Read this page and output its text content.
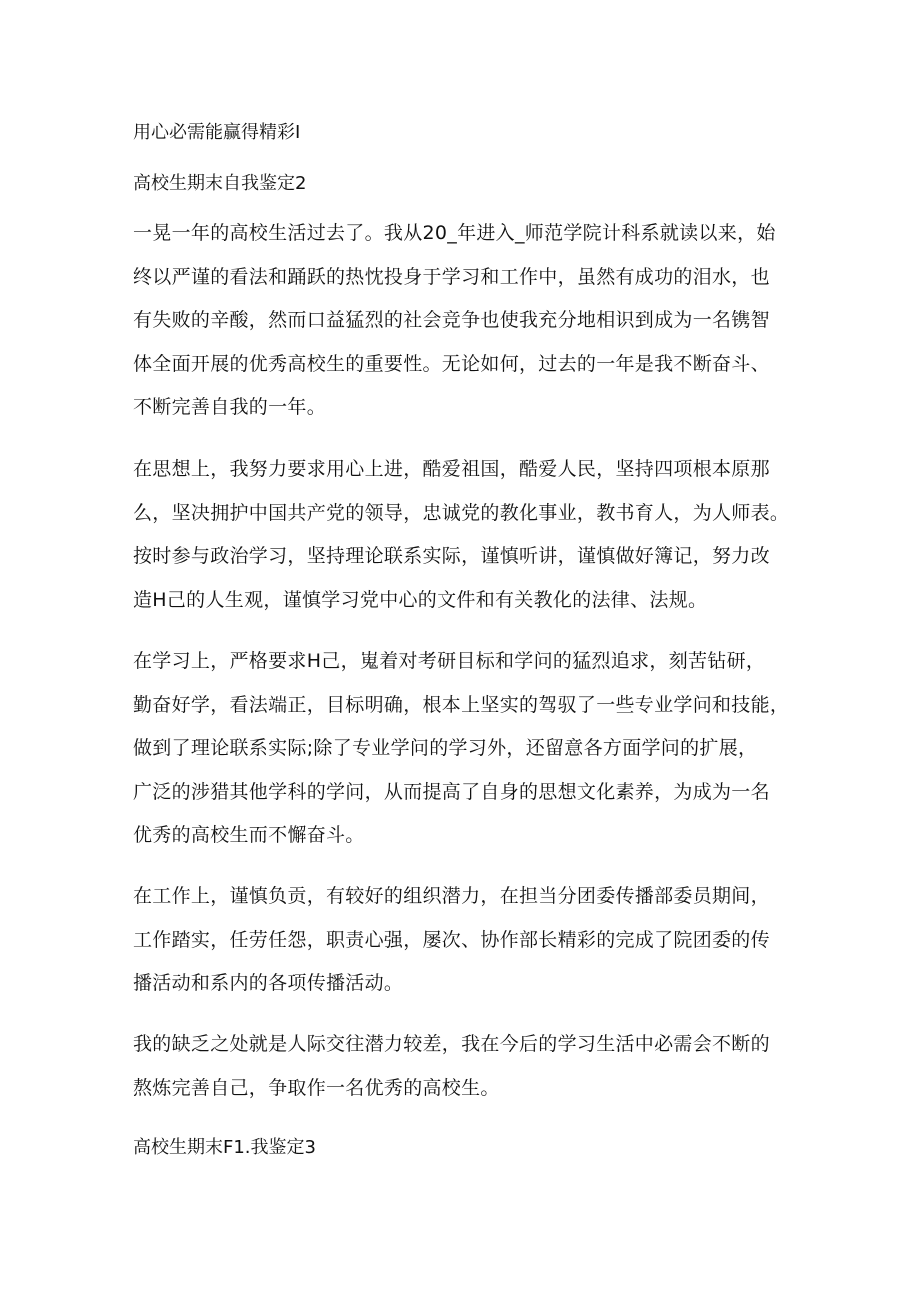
用心必需能赢得精彩I
高校生期末自我鉴定2
一晃一年的高校生活过去了。我从20_年进入_师范学院计科系就读以来，始
终以严谨的看法和踊跃的热忱投身于学习和工作中，虽然有成功的泪水，也
有失败的辛酸，然而口益猛烈的社会竞争也使我充分地相识到成为一名镌智
体全面开展的优秀高校生的重要性。无论如何，过去的一年是我不断奋斗、
不断完善自我的一年。
在思想上，我努力要求用心上进，酷爱祖国，酷爱人民，坚持四项根本原那
么，坚决拥护中国共产党的领导，忠诚党的教化事业，教书育人，为人师表。
按时参与政治学习，坚持理论联系实际，谨慎听讲，谨慎做好簿记，努力改
造H己的人生观，谨慎学习党中心的文件和有关教化的法律、法规。
在学习上，严格要求H己，嵬着对考研目标和学问的猛烈追求，刻苦钻研，
勤奋好学，看法端正，目标明确，根本上坚实的驾驭了一些专业学问和技能，
做到了理论联系实际;除了专业学问的学习外，还留意各方面学问的扩展，
广泛的涉猎其他学科的学问，从而提高了自身的思想文化素养，为成为一名
优秀的高校生而不懈奋斗。
在工作上，谨慎负贡，有较好的组织潜力，在担当分团委传播部委员期间，
工作踏实，任劳任怨，职责心强，屡次、协作部长精彩的完成了院团委的传
播活动和系内的各项传播活动。
我的缺乏之处就是人际交往潜力较差，我在今后的学习生活中必需会不断的
熬炼完善自己，争取作一名优秀的高校生。
高校生期末F1.我鉴定3
